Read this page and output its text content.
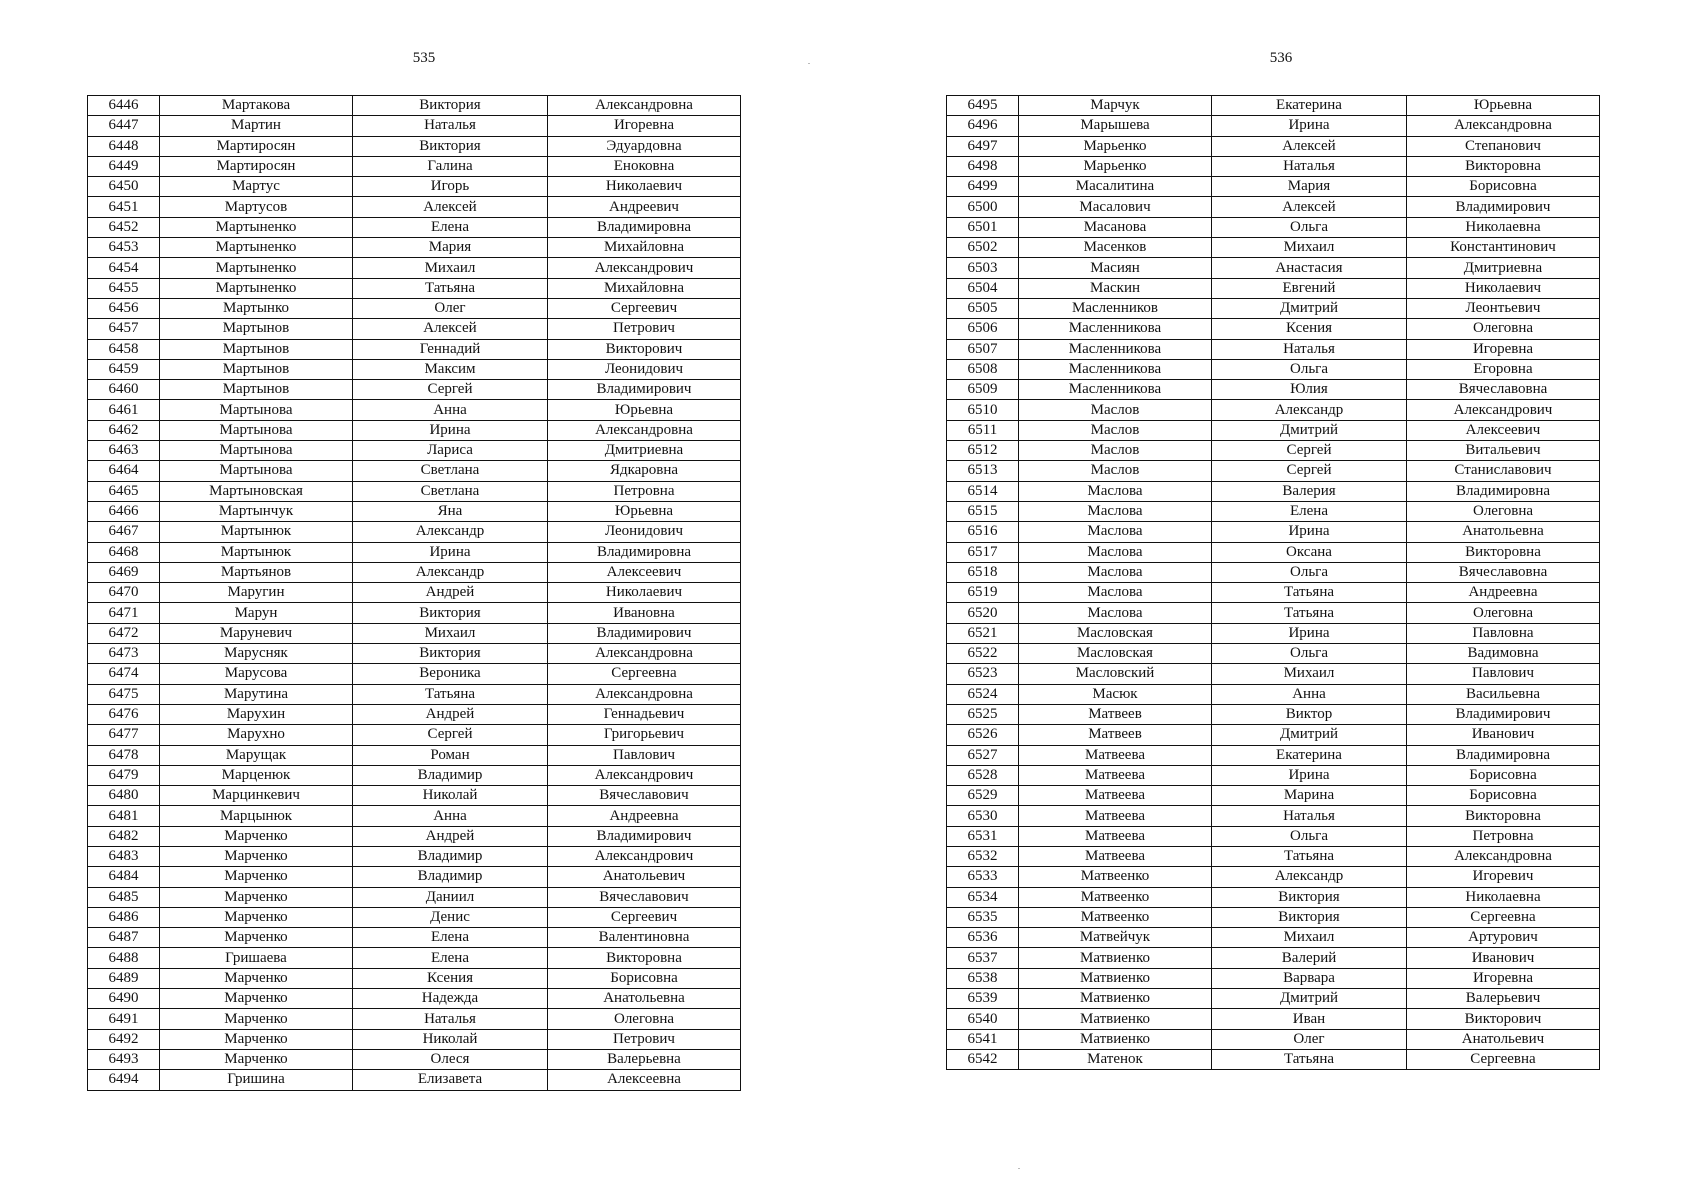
535	536
6446	Мартакова	Виктория	Александровна
6447	Мартин	Наталья	Игоревна
6448	Мартиросян	Виктория	Эдуардовна
6449	Мартиросян	Галина	Еноковна
6450	Мартус	Игорь	Николаевич
6451	Мартусов	Алексей	Андреевич
6452	Мартыненко	Елена	Владимировна
6453	Мартыненко	Мария	Михайловна
6454	Мартыненко	Михаил	Александрович
6455	Мартыненко	Татьяна	Михайловна
6456	Мартынко	Олег	Сергеевич
6457	Мартынов	Алексей	Петрович
6458	Мартынов	Геннадий	Викторович
6459	Мартынов	Максим	Леонидович
6460	Мартынов	Сергей	Владимирович
6461	Мартынова	Анна	Юрьевна
6462	Мартынова	Ирина	Александровна
6463	Мартынова	Лариса	Дмитриевна
6464	Мартынова	Светлана	Ядкаровна
6465	Мартыновская	Светлана	Петровна
6466	Мартынчук	Яна	Юрьевна
6467	Мартынюк	Александр	Леонидович
6468	Мартынюк	Ирина	Владимировна
6469	Мартьянов	Александр	Алексеевич
6470	Маругин	Андрей	Николаевич
6471	Марун	Виктория	Ивановна
6472	Маруневич	Михаил	Владимирович
6473	Марусняк	Виктория	Александровна
6474	Марусова	Вероника	Сергеевна
6475	Марутина	Татьяна	Александровна
6476	Марухин	Андрей	Геннадьевич
6477	Марухно	Сергей	Григорьевич
6478	Марущак	Роман	Павлович
6479	Марценюк	Владимир	Александрович
6480	Марцинкевич	Николай	Вячеславович
6481	Марцынюк	Анна	Андреевна
6482	Марченко	Андрей	Владимирович
6483	Марченко	Владимир	Александрович
6484	Марченко	Владимир	Анатольевич
6485	Марченко	Даниил	Вячеславович
6486	Марченко	Денис	Сергеевич
6487	Марченко	Елена	Валентиновна
6488	Гришаева	Елена	Викторовна
6489	Марченко	Ксения	Борисовна
6490	Марченко	Надежда	Анатольевна
6491	Марченко	Наталья	Олеговна
6492	Марченко	Николай	Петрович
6493	Марченко	Олеся	Валерьевна
6494	Гришина	Елизавета	Алексеевна
6495	Марчук	Екатерина	Юрьевна
6496	Марышева	Ирина	Александровна
6497	Марьенко	Алексей	Степанович
6498	Марьенко	Наталья	Викторовна
6499	Масалитина	Мария	Борисовна
6500	Масалович	Алексей	Владимирович
6501	Масанова	Ольга	Николаевна
6502	Масенков	Михаил	Константинович
6503	Масиян	Анастасия	Дмитриевна
6504	Маскин	Евгений	Николаевич
6505	Масленников	Дмитрий	Леонтьевич
6506	Масленникова	Ксения	Олеговна
6507	Масленникова	Наталья	Игоревна
6508	Масленникова	Ольга	Егоровна
6509	Масленникова	Юлия	Вячеславовна
6510	Маслов	Александр	Александрович
6511	Маслов	Дмитрий	Алексеевич
6512	Маслов	Сергей	Витальевич
6513	Маслов	Сергей	Станиславович
6514	Маслова	Валерия	Владимировна
6515	Маслова	Елена	Олеговна
6516	Маслова	Ирина	Анатольевна
6517	Маслова	Оксана	Викторовна
6518	Маслова	Ольга	Вячеславовна
6519	Маслова	Татьяна	Андреевна
6520	Маслова	Татьяна	Олеговна
6521	Масловская	Ирина	Павловна
6522	Масловская	Ольга	Вадимовна
6523	Масловский	Михаил	Павлович
6524	Масюк	Анна	Васильевна
6525	Матвеев	Виктор	Владимирович
6526	Матвеев	Дмитрий	Иванович
6527	Матвеева	Екатерина	Владимировна
6528	Матвеева	Ирина	Борисовна
6529	Матвеева	Марина	Борисовна
6530	Матвеева	Наталья	Викторовна
6531	Матвеева	Ольга	Петровна
6532	Матвеева	Татьяна	Александровна
6533	Матвеенко	Александр	Игоревич
6534	Матвеенко	Виктория	Николаевна
6535	Матвеенко	Виктория	Сергеевна
6536	Матвейчук	Михаил	Артурович
6537	Матвиенко	Валерий	Иванович
6538	Матвиенко	Варвара	Игоревна
6539	Матвиенко	Дмитрий	Валерьевич
6540	Матвиенко	Иван	Викторович
6541	Матвиенко	Олег	Анатольевич
6542	Матенок	Татьяна	Сергеевна
